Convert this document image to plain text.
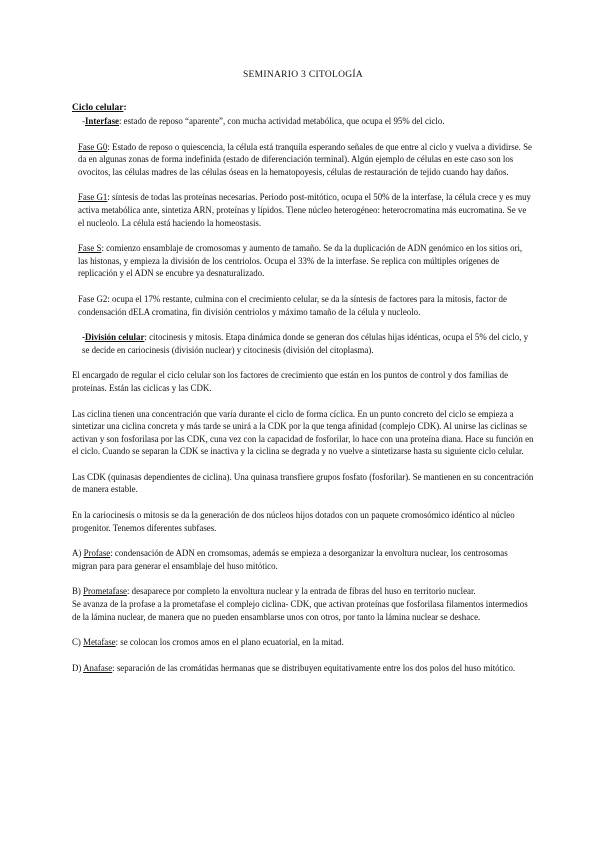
SEMINARIO 3 CITOLOGÍA
Ciclo celular:

-Interfase: estado de reposo “aparente”, con mucha actividad metabólica, que ocupa el 95% del ciclo.

Fase G0: Estado de reposo o quiescencia, la célula está tranquila esperando señales de que entre al ciclo y vuelva a dividirse. Se da en algunas zonas de forma indefinida (estado de diferenciación terminal). Algún ejemplo de células en este caso son los ovocitos, las células madres de las células óseas en la hematopoyesis, células de restauración de tejido cuando hay daños.

Fase G1: síntesis de todas las proteínas necesarias. Periodo post-mitótico, ocupa el 50% de la interfase, la célula crece y es muy activa metabólica ante, sintetiza ARN, proteínas y lípidos. Tiene núcleo heterogéneo: heterocromatina más eucromatina. Se ve el nucleolo. La célula está haciendo la homeostasis.

Fase S: comienzo ensamblaje de cromosomas y aumento de tamaño. Se da la duplicación de ADN genómico en los sitios ori, las histonas, y empieza la división de los centriolos. Ocupa el 33% de la interfase. Se replica con múltiples orígenes de replicación y el ADN se encubre ya desnaturalizado.

Fase G2: ocupa el 17% restante, culmina con el crecimiento celular, se da la síntesis de factores para la mitosis, factor de condensación dELA cromatina, fin división centriolos y máximo tamaño de la célula y nucleolo.

-División celular: citocinesis y mitosis. Etapa dinámica donde se generan dos células hijas idénticas, ocupa el 5% del ciclo, y se decide en cariocinesis (división nuclear) y citocinesis (división del citoplasma).

El encargado de regular el ciclo celular son los factores de crecimiento que están en los puntos de control y dos familias de proteínas. Están las ciclicas y las CDK.

Las ciclina tienen una concentración que varía durante el ciclo de forma cíclica. En un punto concreto del ciclo se empieza a sintetizar una ciclina concreta y más tarde se unirá a la CDK por la que tenga afinidad (complejo CDK). Al unirse las ciclinas se activan y son fosforilasa por las CDK, cuna vez con la capacidad de fosforilar, lo hace con una proteína diana. Hace su función en el ciclo. Cuando se separan la CDK se inactiva y la ciclina se degrada y no vuelve a sintetizarse hasta su siguiente ciclo celular.

Las CDK (quinasas dependientes de ciclina). Una quinasa transfiere grupos fosfato (fosforilar). Se mantienen en su concentración de manera estable.

En la cariocinesis o mitosis se da la generación de dos núcleos hijos dotados con un paquete cromosómico idéntico al núcleo progenitor. Tenemos diferentes subfases.

A) Profase: condensación de ADN en cromsomas, además se empieza a desorganizar la envoltura nuclear, los centrosomas migran para para generar el ensamblaje del huso mitótico.

B) Prometafase: desaparece por completo la envoltura nuclear y la entrada de fibras del huso en territorio nuclear.

Se avanza de la profase a la prometafase el complejo ciclina- CDK, que activan proteínas que fosforilasa filamentos intermedios de la lámina nuclear, de manera que no pueden ensamblarse unos con otros, por tanto la lámina nuclear se deshace.

C) Metafase: se colocan los cromos amos en el plano ecuatorial, en la mitad.

D) Anafase: separación de las cromátidas hermanas que se distribuyen equitativamente entre los dos polos del huso mitótico.
